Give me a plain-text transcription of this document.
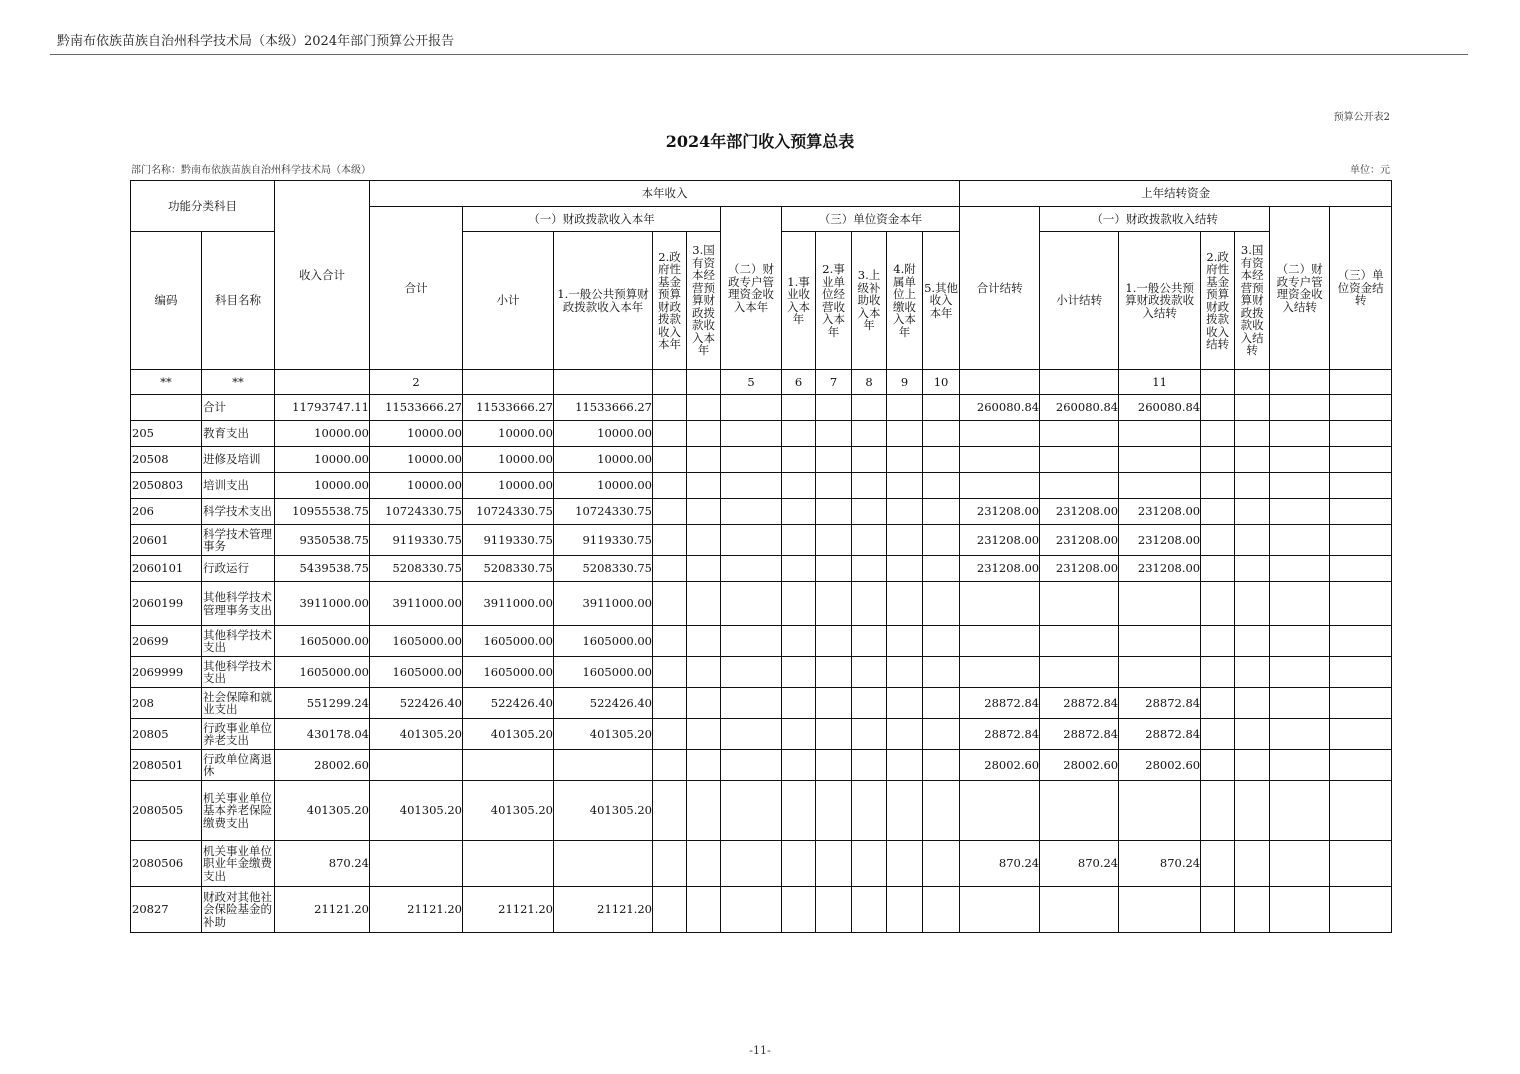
黔南布依族苗族自治州科学技术局（本级）2024年部门预算公开报告
预算公开表2
2024年部门收入预算总表
部门名称：黔南布依族苗族自治州科学技术局（本级）	单位：元
功能分类科目		收入合计	本年收入											上年结转资金						
			合计	（一）财政拨款收入本年				（二）财政专户管理资金收入本年	（三）单位资金本年					合计结转	（一）财政拨款收入结转				（二）财政专户管理资金收入结转	（三）单位资金结转
编码	科目名称			小计	1.一般公共预算财政拨款收入本年	2.政府性基金预算财政拨款收入本年	3.国有资本经营预算财政拨款收入本年		1.事业收入本年	2.事业单位经营收入本年	3.上级补助收入本年	4.附属单位上缴收入本年	5.其他收入本年		小计结转	1.一般公共预算财政拨款收入结转	2.政府性基金预算财政拨款收入结转	3.国有资本经营预算财政拨款收入结转		
**	**		2					5	6	7	8	9	10			11				
	合计	11793747.11	11533666.27	11533666.27	11533666.27									260080.84	260080.84	260080.84				
205	教育支出	10000.00	10000.00	10000.00	10000.00															
20508	进修及培训	10000.00	10000.00	10000.00	10000.00															
2050803	培训支出	10000.00	10000.00	10000.00	10000.00															
206	科学技术支出	10955538.75	10724330.75	10724330.75	10724330.75									231208.00	231208.00	231208.00				
20601	科学技术管理事务	9350538.75	9119330.75	9119330.75	9119330.75									231208.00	231208.00	231208.00				
2060101	行政运行	5439538.75	5208330.75	5208330.75	5208330.75									231208.00	231208.00	231208.00				
2060199	其他科学技术管理事务支出	3911000.00	3911000.00	3911000.00	3911000.00															
20699	其他科学技术支出	1605000.00	1605000.00	1605000.00	1605000.00															
2069999	其他科学技术支出	1605000.00	1605000.00	1605000.00	1605000.00															
208	社会保障和就业支出	551299.24	522426.40	522426.40	522426.40									28872.84	28872.84	28872.84				
20805	行政事业单位养老支出	430178.04	401305.20	401305.20	401305.20									28872.84	28872.84	28872.84				
2080501	行政单位离退休	28002.60												28002.60	28002.60	28002.60				
2080505	机关事业单位基本养老保险缴费支出	401305.20	401305.20	401305.20	401305.20															
2080506	机关事业单位职业年金缴费支出	870.24												870.24	870.24	870.24				
20827	财政对其他社会保险基金的补助	21121.20	21121.20	21121.20	21121.20															
-11-
